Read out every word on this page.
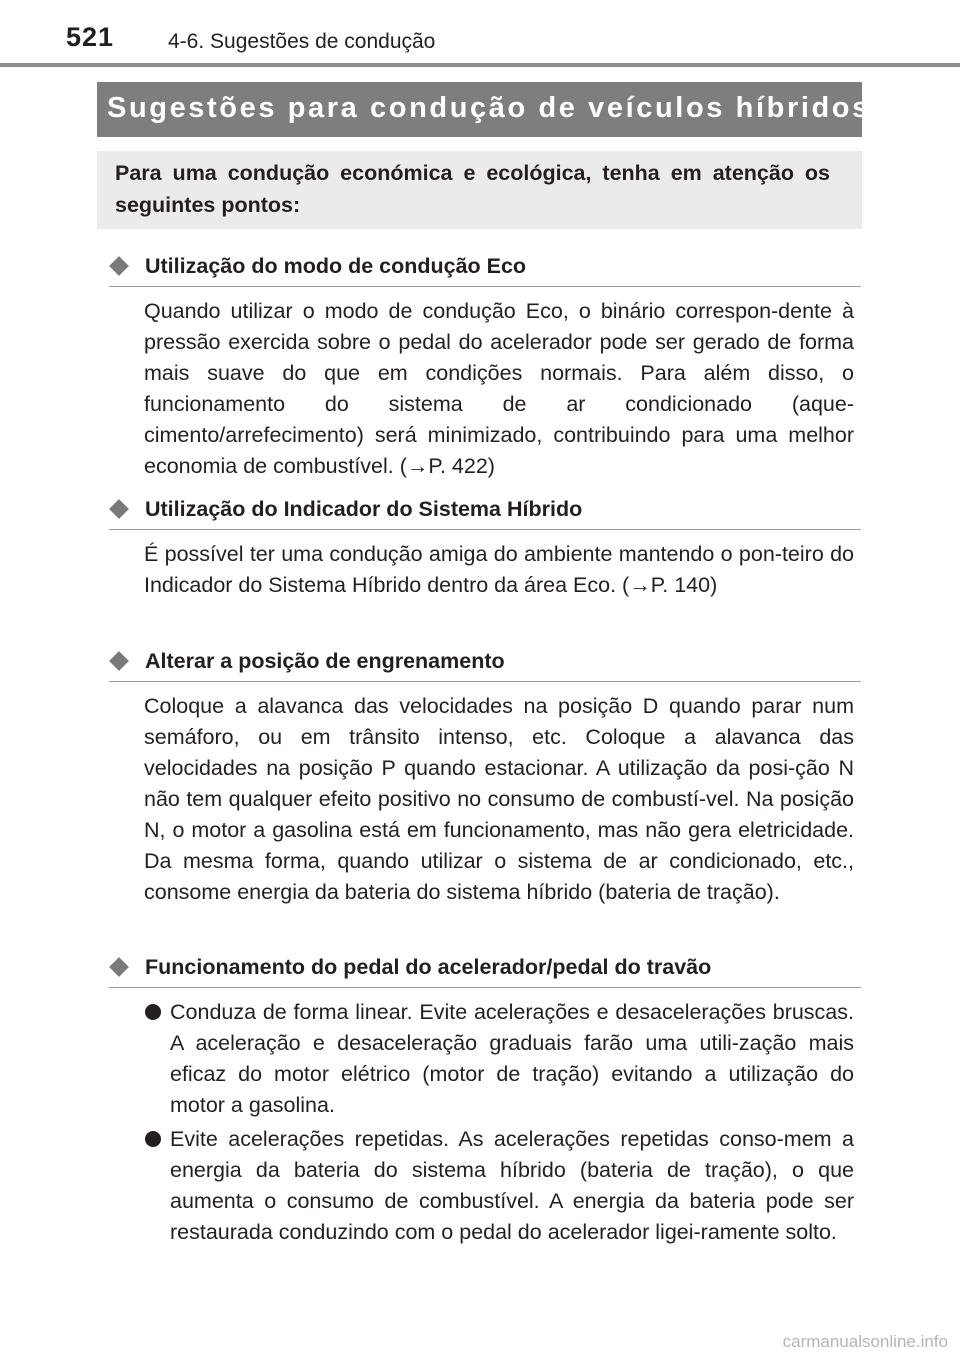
521	4-6. Sugestões de condução
Sugestões para condução de veículos híbridos
Para uma condução económica e ecológica, tenha em atenção os seguintes pontos:
Utilização do modo de condução Eco
Quando utilizar o modo de condução Eco, o binário correspon-dente à pressão exercida sobre o pedal do acelerador pode ser gerado de forma mais suave do que em condições normais. Para além disso, o funcionamento do sistema de ar condicionado (aque-cimento/arrefecimento) será minimizado, contribuindo para uma melhor economia de combustível. (→P. 422)
Utilização do Indicador do Sistema Híbrido
É possível ter uma condução amiga do ambiente mantendo o pon-teiro do Indicador do Sistema Híbrido dentro da área Eco. (→P. 140)
Alterar a posição de engrenamento
Coloque a alavanca das velocidades na posição D quando parar num semáforo, ou em trânsito intenso, etc. Coloque a alavanca das velocidades na posição P quando estacionar. A utilização da posi-ção N não tem qualquer efeito positivo no consumo de combustí-vel. Na posição N, o motor a gasolina está em funcionamento, mas não gera eletricidade. Da mesma forma, quando utilizar o sistema de ar condicionado, etc., consome energia da bateria do sistema híbrido (bateria de tração).
Funcionamento do pedal do acelerador/pedal do travão
Conduza de forma linear. Evite acelerações e desacelerações bruscas. A aceleração e desaceleração graduais farão uma utili-zação mais eficaz do motor elétrico (motor de tração) evitando a utilização do motor a gasolina.
Evite acelerações repetidas. As acelerações repetidas conso-mem a energia da bateria do sistema híbrido (bateria de tração), o que aumenta o consumo de combustível. A energia da bateria pode ser restaurada conduzindo com o pedal do acelerador ligei-ramente solto.
carmanualsonline.info
